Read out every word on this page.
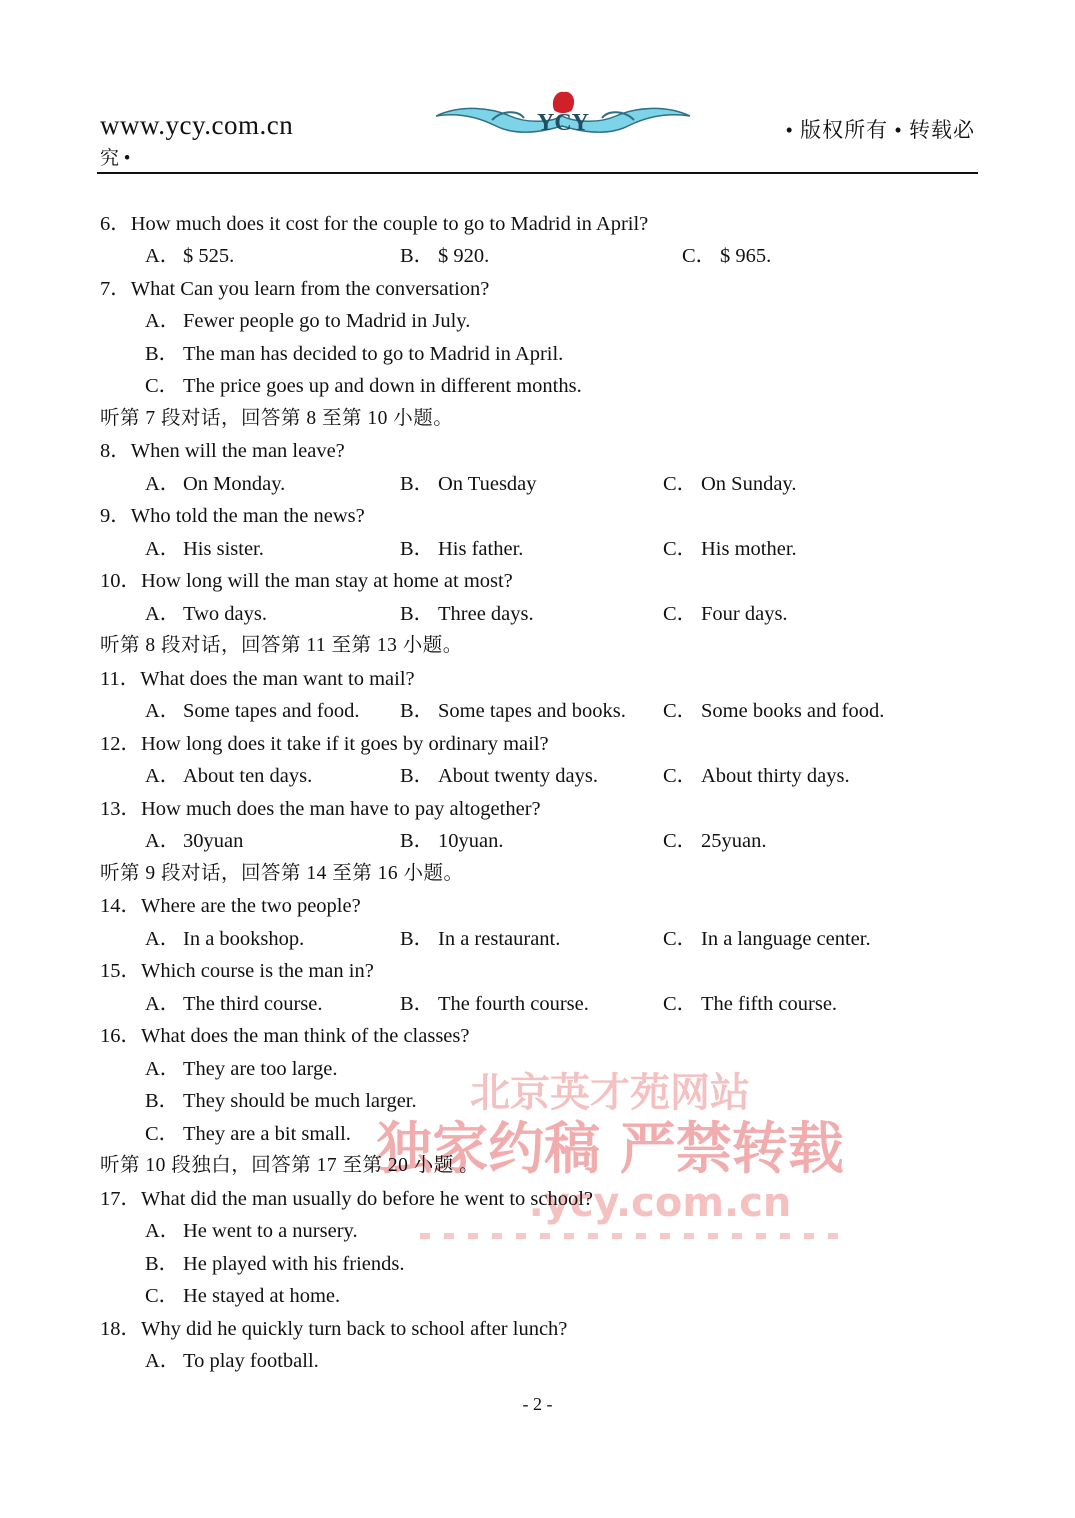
www.ycy.com.cn
究 •
YCY	• 版权所有 • 转载必
北京英才苑网站
独家约稿 严禁转载
.ycy.com.cn
6．How much does it cost for the couple to go to Madrid in April?
A． $ 525.	B． $ 920.	C． $ 965.
7．What Can you learn from the conversation?
A． Fewer people go to Madrid in July.
B． The man has decided to go to Madrid in April.
C． The price goes up and down in different months.
听第 7 段对话，回答第 8 至第 10 小题。
8．When will the man leave?
A． On Monday.	B． On Tuesday	C． On Sunday.
9．Who told the man the news?
A． His sister.	B． His father.	C． His mother.
10．How long will the man stay at home at most?
A． Two days.	B． Three days.	C． Four days.
听第 8 段对话，回答第 11 至第 13 小题。
11．What does the man want to mail?
A． Some tapes and food. B． Some tapes and books. C． Some books and food.
12．How long does it take if it goes by ordinary mail?
A． About ten days.	B． About twenty days.	C． About thirty days.
13．How much does the man have to pay altogether?
A． 30yuan	B． 10yuan.	C． 25yuan.
听第 9 段对话，回答第 14 至第 16 小题。
14．Where are the two people?
A． In a bookshop.	B． In a restaurant.	C． In a language center.
15．Which course is the man in?
A． The third course.	B． The fourth course.	C． The fifth course.
16．What does the man think of the classes?
A． They are too large.
B． They should be much larger.
C． They are a bit small.
听第 10 段独白，回答第 17 至第 20 小题 。
17．What did the man usually do before he went to school?
A． He went to a nursery.
B． He played with his friends.
C． He stayed at home.
18．Why did he quickly turn back to school after lunch?
A． To play football.
- 2 -
